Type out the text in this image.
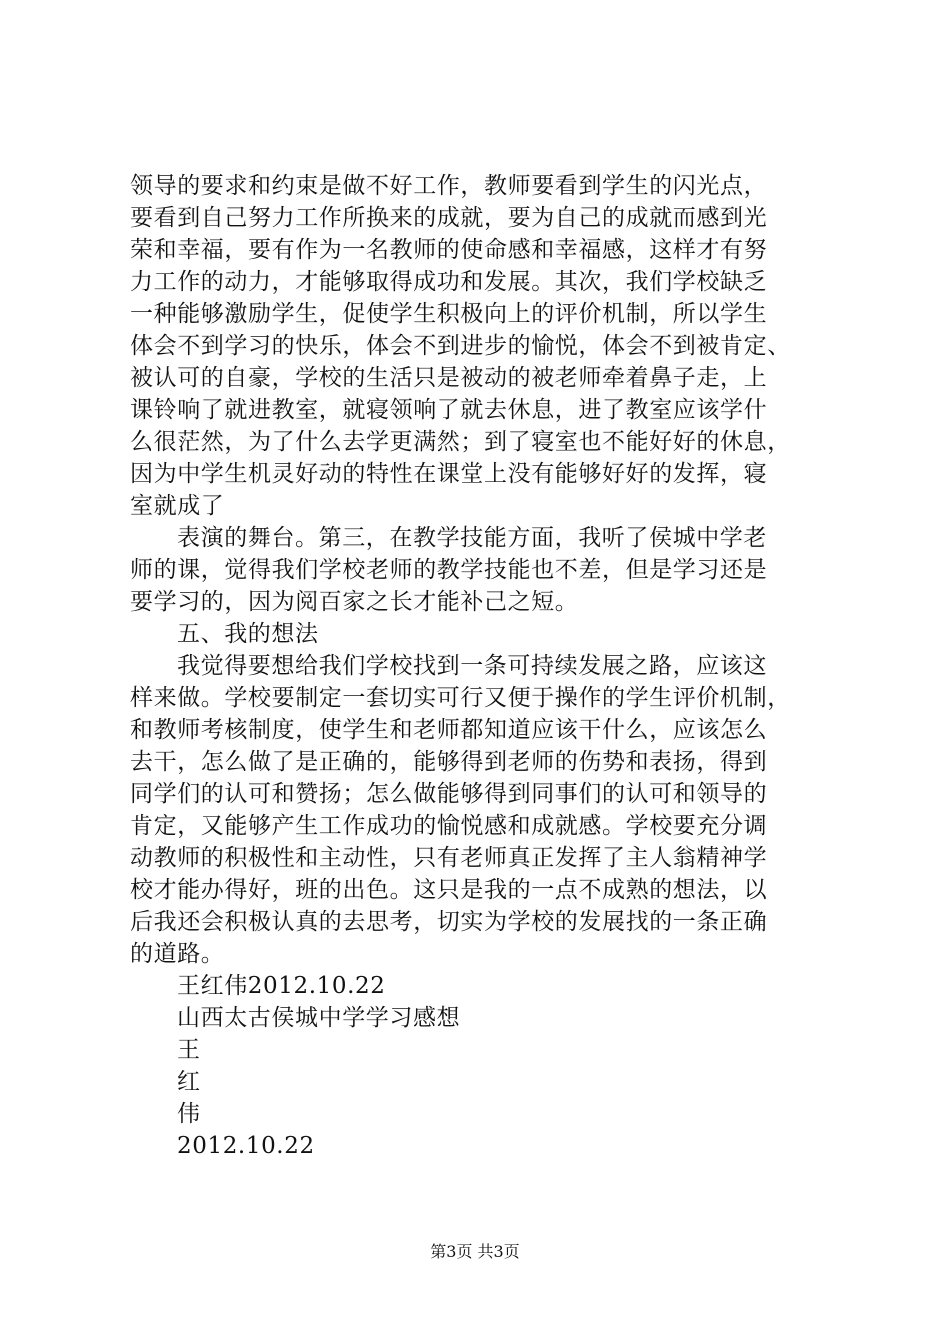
领导的要求和约束是做不好工作，教师要看到学生的闪光点，
要看到自己努力工作所换来的成就，要为自己的成就而感到光
荣和幸福，要有作为一名教师的使命感和幸福感，这样才有努
力工作的动力，才能够取得成功和发展。其次，我们学校缺乏
一种能够激励学生，促使学生积极向上的评价机制，所以学生
体会不到学习的快乐，体会不到进步的愉悦，体会不到被肯定、
被认可的自豪，学校的生活只是被动的被老师牵着鼻子走，上
课铃响了就进教室，就寝领响了就去休息，进了教室应该学什
么很茫然，为了什么去学更满然；到了寝室也不能好好的休息，
因为中学生机灵好动的特性在课堂上没有能够好好的发挥，寝
室就成了
表演的舞台。第三，在教学技能方面，我听了侯城中学老
师的课，觉得我们学校老师的教学技能也不差，但是学习还是
要学习的，因为阅百家之长才能补己之短。
五、我的想法
我觉得要想给我们学校找到一条可持续发展之路，应该这
样来做。学校要制定一套切实可行又便于操作的学生评价机制，
和教师考核制度，使学生和老师都知道应该干什么，应该怎么
去干，怎么做了是正确的，能够得到老师的伤势和表扬，得到
同学们的认可和赞扬；怎么做能够得到同事们的认可和领导的
肯定，又能够产生工作成功的愉悦感和成就感。学校要充分调
动教师的积极性和主动性，只有老师真正发挥了主人翁精神学
校才能办得好，班的出色。这只是我的一点不成熟的想法，以
后我还会积极认真的去思考，切实为学校的发展找的一条正确
的道路。
王红伟2012.10.22
山西太古侯城中学学习感想
王
红
伟
2012.10.22
第3页 共3页
